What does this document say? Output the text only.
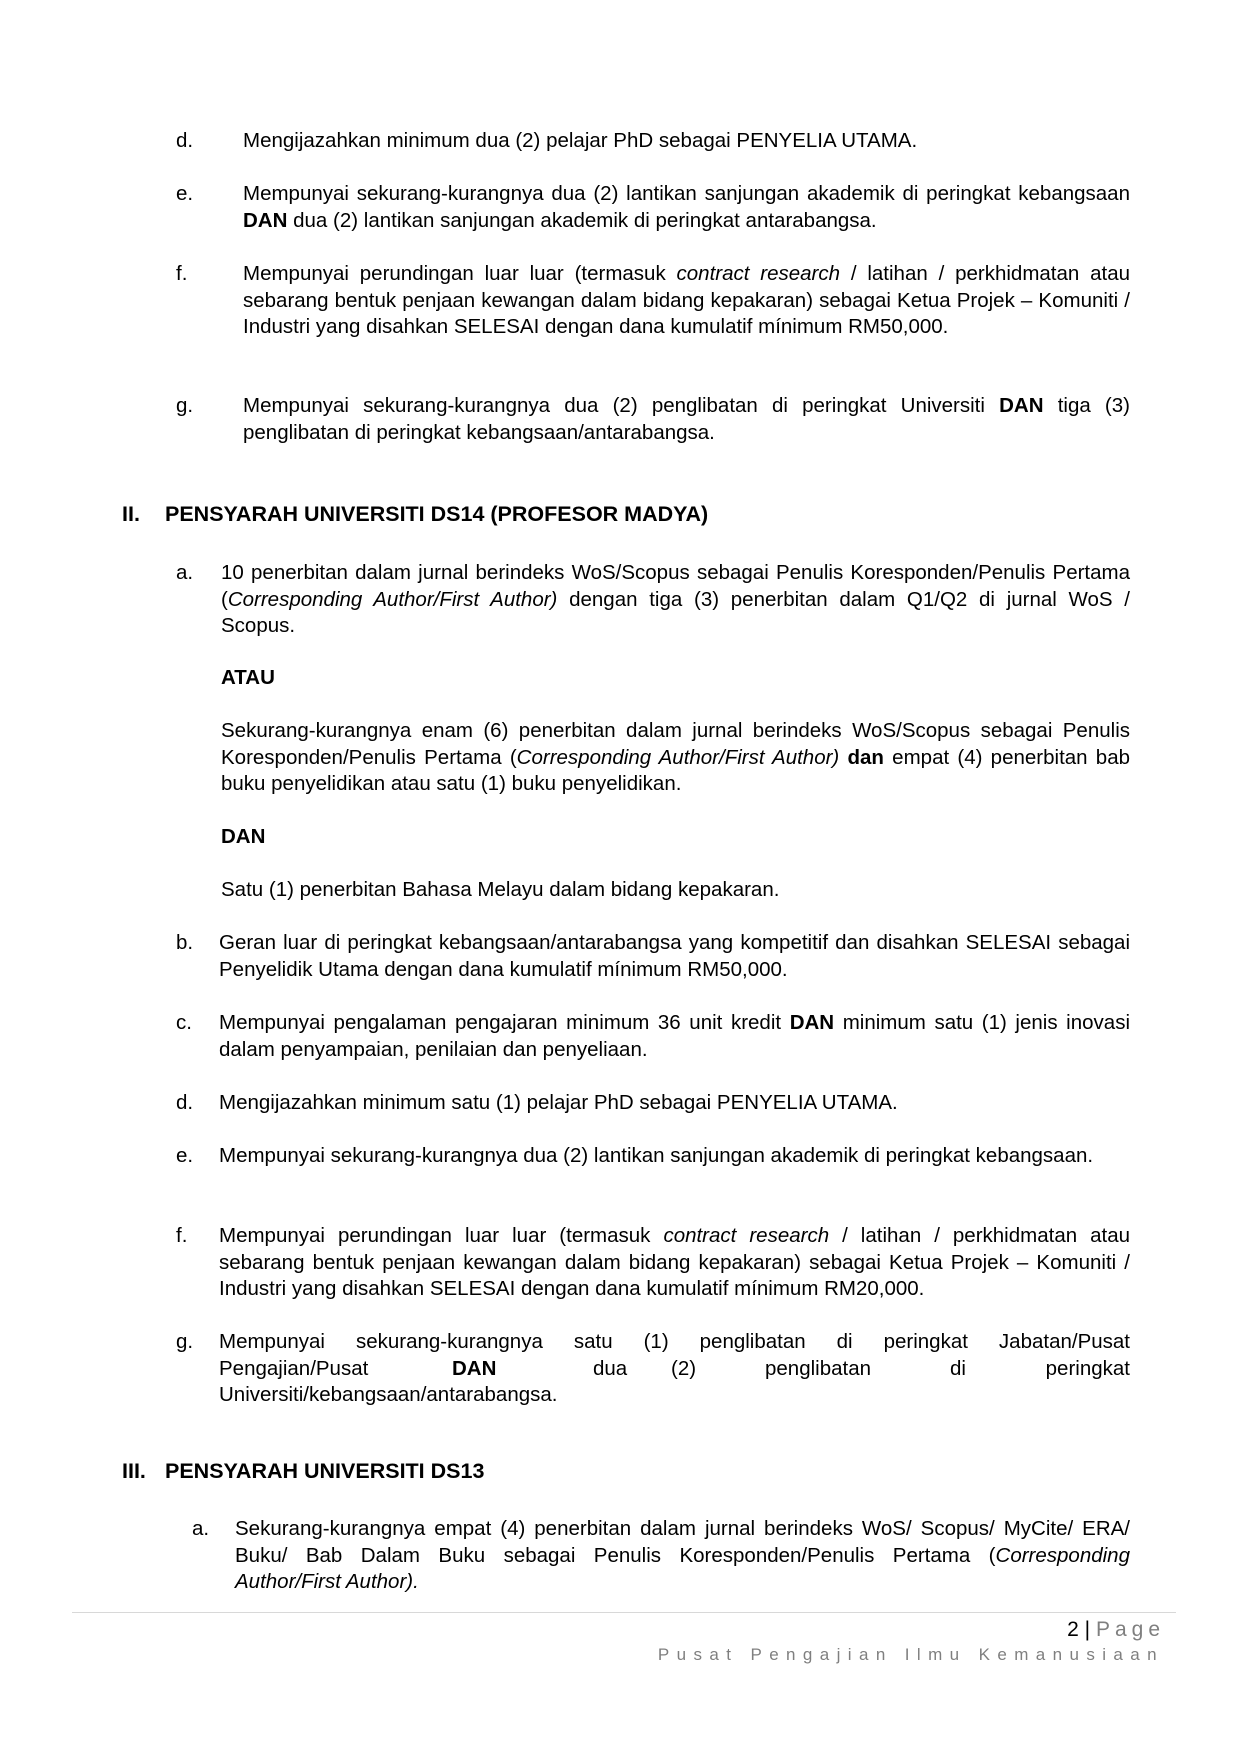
d. Mengijazahkan minimum dua (2) pelajar PhD sebagai PENYELIA UTAMA.
e. Mempunyai sekurang-kurangnya dua (2) lantikan sanjungan akademik di peringkat kebangsaan DAN dua (2) lantikan sanjungan akademik di peringkat antarabangsa.
f.	Mempunyai perundingan luar luar (termasuk contract research / latihan / perkhidmatan atau sebarang bentuk penjaan kewangan dalam bidang kepakaran) sebagai Ketua Projek – Komuniti / Industri yang disahkan SELESAI dengan dana kumulatif mínimum RM50,000.
g. Mempunyai sekurang-kurangnya dua (2) penglibatan di peringkat Universiti DAN tiga (3) penglibatan di peringkat kebangsaan/antarabangsa.
II. PENSYARAH UNIVERSITI DS14 (PROFESOR MADYA)
a. 10 penerbitan dalam jurnal berindeks WoS/Scopus sebagai Penulis Koresponden/Penulis Pertama (Corresponding Author/First Author) dengan tiga (3) penerbitan dalam Q1/Q2 di jurnal WoS / Scopus.
ATAU
Sekurang-kurangnya enam (6) penerbitan dalam jurnal berindeks WoS/Scopus sebagai Penulis Koresponden/Penulis Pertama (Corresponding Author/First Author) dan empat (4) penerbitan bab buku penyelidikan atau satu (1) buku penyelidikan.
DAN
Satu (1) penerbitan Bahasa Melayu dalam bidang kepakaran.
b. Geran luar di peringkat kebangsaan/antarabangsa yang kompetitif dan disahkan SELESAI sebagai Penyelidik Utama dengan dana kumulatif mínimum RM50,000.
c. Mempunyai pengalaman pengajaran minimum 36 unit kredit DAN minimum satu (1) jenis inovasi dalam penyampaian, penilaian dan penyeliaan.
d. Mengijazahkan minimum satu (1) pelajar PhD sebagai PENYELIA UTAMA.
e. Mempunyai sekurang-kurangnya dua (2) lantikan sanjungan akademik di peringkat kebangsaan.
f. Mempunyai perundingan luar luar (termasuk contract research / latihan / perkhidmatan atau sebarang bentuk penjaan kewangan dalam bidang kepakaran) sebagai Ketua Projek – Komuniti / Industri yang disahkan SELESAI dengan dana kumulatif mínimum RM20,000.
g. Mempunyai sekurang-kurangnya satu (1) penglibatan di peringkat Jabatan/Pusat
Pengajian/Pusat	DAN	dua (2)	penglibatan	di	peringkat
Universiti/kebangsaan/antarabangsa.
III. PENSYARAH UNIVERSITI DS13
a. Sekurang-kurangnya empat (4) penerbitan dalam jurnal berindeks WoS/ Scopus/ MyCite/ ERA/ Buku/ Bab Dalam Buku sebagai Penulis Koresponden/Penulis Pertama (Corresponding Author/First Author).
2 | Page
Pusat Pengajian Ilmu Kemanusiaan
